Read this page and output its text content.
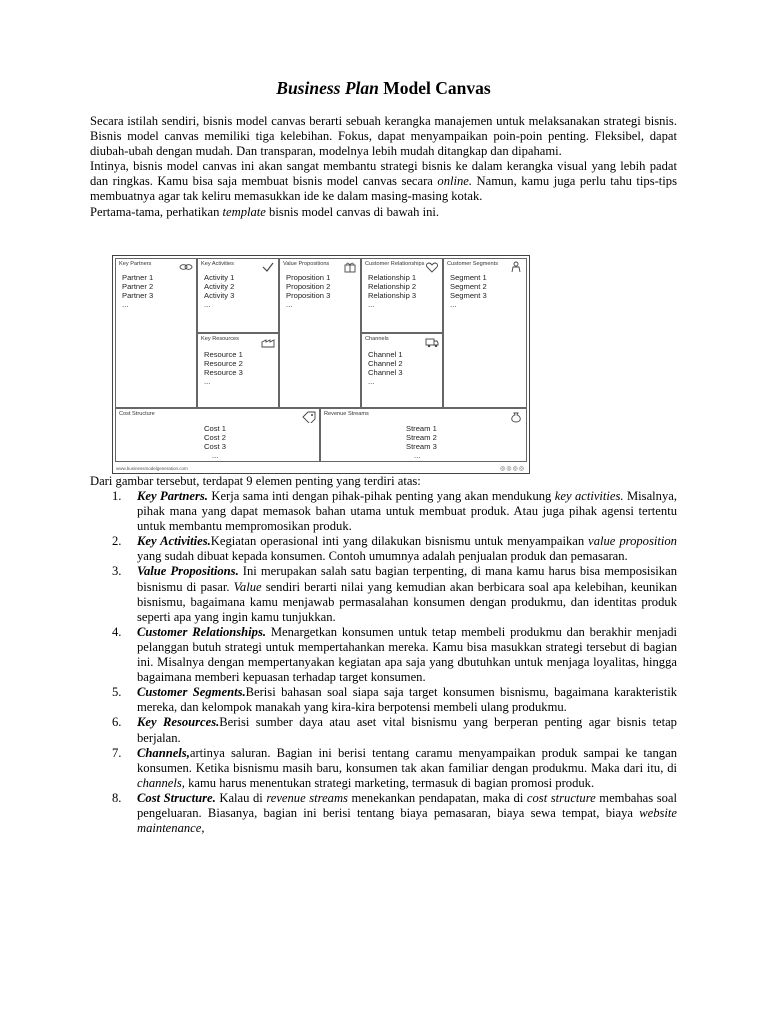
Business Plan Model Canvas

Secara istilah sendiri, bisnis model canvas berarti sebuah kerangka manajemen untuk melaksanakan strategi bisnis. Bisnis model canvas memiliki tiga kelebihan. Fokus, dapat menyampaikan poin-poin penting. Fleksibel, dapat diubah-ubah dengan mudah. Dan transparan, modelnya lebih mudah ditangkap dan dipahami.

Intinya, bisnis model canvas ini akan sangat membantu strategi bisnis ke dalam kerangka visual yang lebih padat dan ringkas. Kamu bisa saja membuat bisnis model canvas secara online. Namun, kamu juga perlu tahu tips-tips membuatnya agar tak keliru memasukkan ide ke dalam masing-masing kotak.

Pertama-tama, perhatikan template bisnis model canvas di bawah ini.

Key Partners
Partner 1
Partner 2
Partner 3
...
Key Activities
Activity 1
Activity 2
Activity 3
...
Key Resources
Resource 1
Resource 2
Resource 3
...
Value Propositions
Proposition 1
Proposition 2
Proposition 3
...
Customer Relationships
Relationship 1
Relationship 2
Relationship 3
...
Channels
Channel 1
Channel 2
Channel 3
...
Customer Segments
Segment 1
Segment 2
Segment 3
...
Cost Structure
Cost 1
Cost 2
Cost 3
...
Revenue Streams
Stream 1
Stream 2
Stream 3
...
www.businessmodelgeneration.com	◎◎◎◎
Dari gambar tersebut, terdapat 9 elemen penting yang terdiri atas:
1. Key Partners. Kerja sama inti dengan pihak-pihak penting yang akan mendukung key activities. Misalnya, pihak mana yang dapat memasok bahan utama untuk membuat produk. Atau juga pihak agensi tertentu untuk membantu mempromosikan produk.
2. Key Activities.Kegiatan operasional inti yang dilakukan bisnismu untuk menyampaikan value proposition yang sudah dibuat kepada konsumen. Contoh umumnya adalah penjualan produk dan pemasaran.
3. Value Propositions. Ini merupakan salah satu bagian terpenting, di mana kamu harus bisa memposisikan bisnismu di pasar. Value sendiri berarti nilai yang kemudian akan berbicara soal apa kelebihan, keunikan bisnismu, bagaimana kamu menjawab permasalahan konsumen dengan produkmu, dan identitas produk seperti apa yang ingin kamu tunjukkan.
4. Customer Relationships. Menargetkan konsumen untuk tetap membeli produkmu dan berakhir menjadi pelanggan butuh strategi untuk mempertahankan mereka. Kamu bisa masukkan strategi tersebut di bagian ini. Misalnya dengan mempertanyakan kegiatan apa saja yang dbutuhkan untuk menjaga loyalitas, hingga bagaimana memberi kepuasan terhadap target konsumen.
5. Customer Segments.Berisi bahasan soal siapa saja target konsumen bisnismu, bagaimana karakteristik mereka, dan kelompok manakah yang kira-kira berpotensi membeli ulang produkmu.
6. Key Resources.Berisi sumber daya atau aset vital bisnismu yang berperan penting agar bisnis tetap berjalan.
7. Channels,artinya saluran. Bagian ini berisi tentang caramu menyampaikan produk sampai ke tangan konsumen. Ketika bisnismu masih baru, konsumen tak akan familiar dengan produkmu. Maka dari itu, di channels, kamu harus menentukan strategi marketing, termasuk di bagian promosi produk.
8. Cost Structure. Kalau di revenue streams menekankan pendapatan, maka di cost structure membahas soal pengeluaran. Biasanya, bagian ini berisi tentang biaya pemasaran, biaya sewa tempat, biaya website maintenance,
